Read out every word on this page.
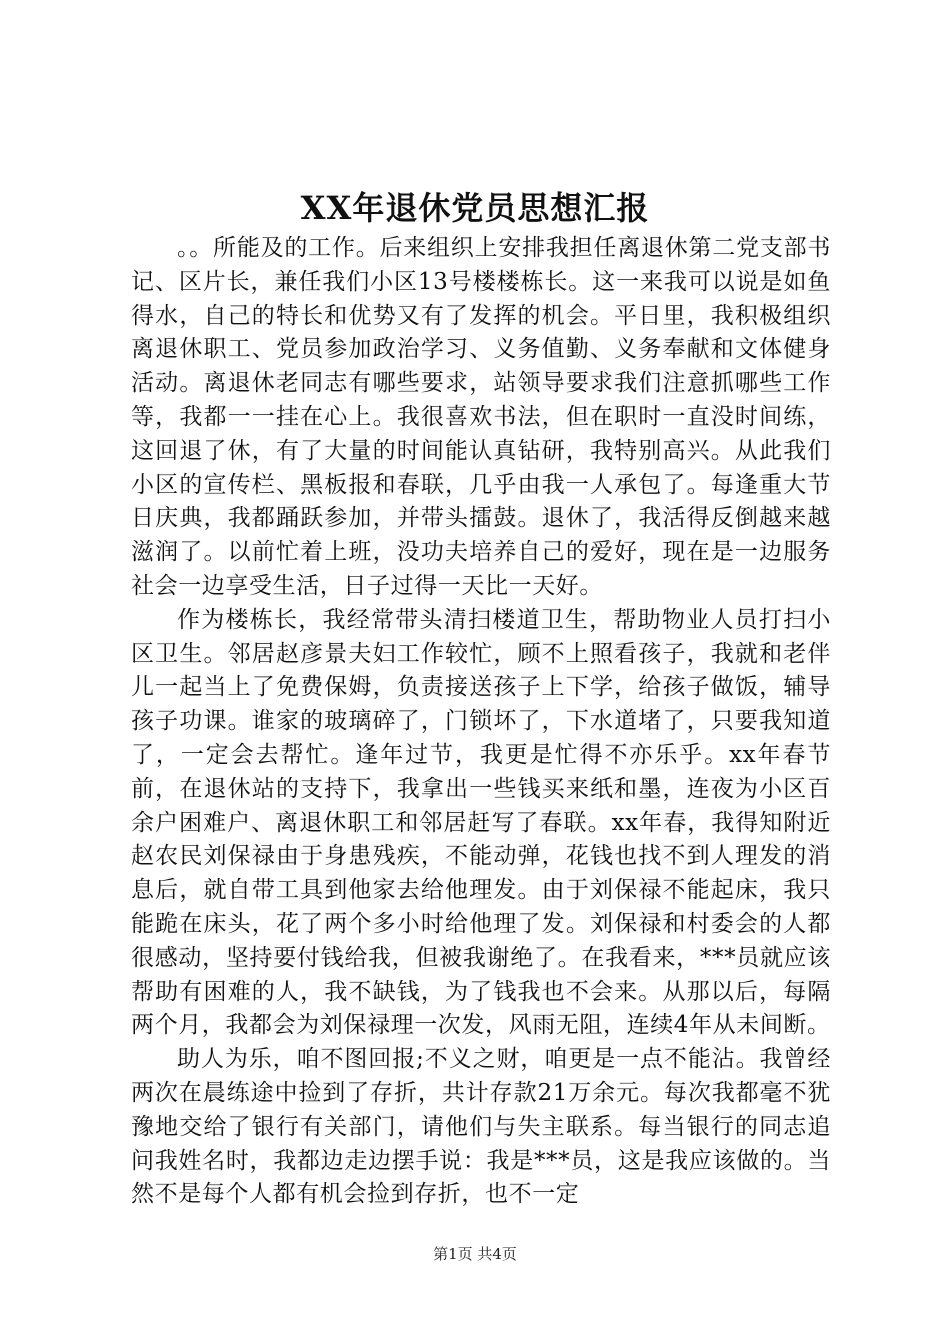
XX年退休党员思想汇报

。。所能及的工作。后来组织上安排我担任离退休第二党支部书记、区片长，兼任我们小区13号楼楼栋长。这一来我可以说是如鱼得水，自己的特长和优势又有了发挥的机会。平日里，我积极组织离退休职工、党员参加政治学习、义务值勤、义务奉献和文体健身活动。离退休老同志有哪些要求，站领导要求我们注意抓哪些工作等，我都一一挂在心上。我很喜欢书法，但在职时一直没时间练，这回退了休，有了大量的时间能认真钻研，我特别高兴。从此我们小区的宣传栏、黑板报和春联，几乎由我一人承包了。每逢重大节日庆典，我都踊跃参加，并带头擂鼓。退休了，我活得反倒越来越滋润了。以前忙着上班，没功夫培养自己的爱好，现在是一边服务社会一边享受生活，日子过得一天比一天好。

作为楼栋长，我经常带头清扫楼道卫生，帮助物业人员打扫小区卫生。邻居赵彦景夫妇工作较忙，顾不上照看孩子，我就和老伴儿一起当上了免费保姆，负责接送孩子上下学，给孩子做饭，辅导孩子功课。谁家的玻璃碎了，门锁坏了，下水道堵了，只要我知道了，一定会去帮忙。逢年过节，我更是忙得不亦乐乎。xx年春节前，在退休站的支持下，我拿出一些钱买来纸和墨，连夜为小区百余户困难户、离退休职工和邻居赶写了春联。xx年春，我得知附近赵农民刘保禄由于身患残疾，不能动弹，花钱也找不到人理发的消息后，就自带工具到他家去给他理发。由于刘保禄不能起床，我只能跪在床头，花了两个多小时给他理了发。刘保禄和村委会的人都很感动，坚持要付钱给我，但被我谢绝了。在我看来，***员就应该帮助有困难的人，我不缺钱，为了钱我也不会来。从那以后，每隔两个月，我都会为刘保禄理一次发，风雨无阻，连续4年从未间断。

助人为乐，咱不图回报;不义之财，咱更是一点不能沾。我曾经两次在晨练途中捡到了存折，共计存款21万余元。每次我都毫不犹豫地交给了银行有关部门，请他们与失主联系。每当银行的同志追问我姓名时，我都边走边摆手说：我是***员，这是我应该做的。当然不是每个人都有机会捡到存折，也不一定

第1页 共4页
